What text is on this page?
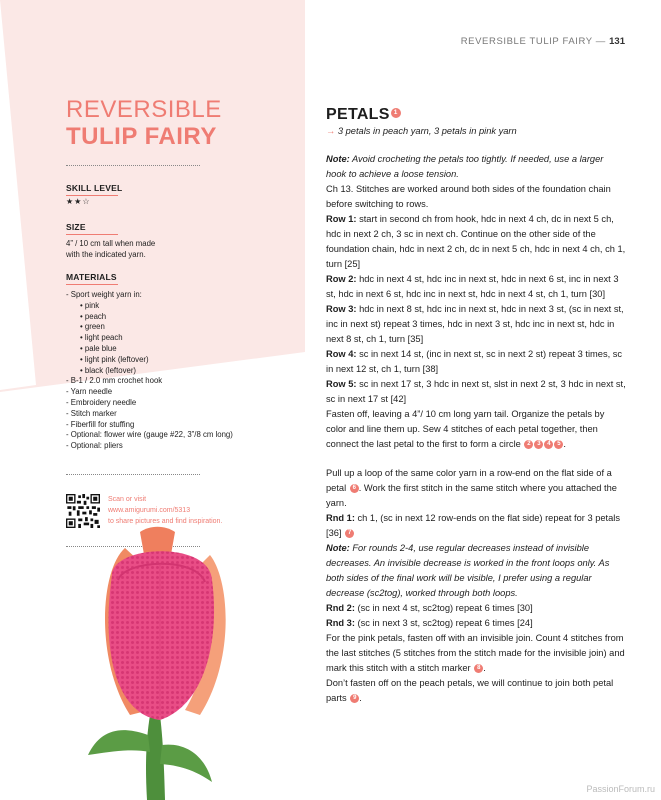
REVERSIBLE TULIP FAIRY — 131
REVERSIBLE
TULIP FAIRY
SKILL LEVEL
★★☆
SIZE
4” / 10 cm tall when made
with the indicated yarn.
MATERIALS
- Sport weight yarn in:
• pink
• peach
• green
• light peach
• pale blue
• light pink (leftover)
• black (leftover)
- B-1 / 2.0 mm crochet hook
- Yarn needle
- Embroidery needle
- Stitch marker
- Fiberfill for stuffing
- Optional: flower wire (gauge #22, 3”/8 cm long)
- Optional: pliers
Scan or visit
www.amigurumi.com/5313
to share pictures and find inspiration.
PETALS 1
→ 3 petals in peach yarn, 3 petals in pink yarn

Note: Avoid crocheting the petals too tightly. If needed, use a larger hook to achieve a loose tension.

Ch 13. Stitches are worked around both sides of the foundation chain before switching to rows.

Row 1: start in second ch from hook, hdc in next 4 ch, dc in next 5 ch, hdc in next 2 ch, 3 sc in next ch. Continue on the other side of the foundation chain, hdc in next 2 ch, dc in next 5 ch, hdc in next 4 ch, ch 1, turn [25]

Row 2: hdc in next 4 st, hdc inc in next st, hdc in next 6 st, inc in next 3 st, hdc in next 6 st, hdc inc in next st, hdc in next 4 st, ch 1, turn [30]

Row 3: hdc in next 8 st, hdc inc in next st, hdc in next 3 st, (sc in next st, inc in next st) repeat 3 times, hdc in next 3 st, hdc inc in next st, hdc in next 8 st, ch 1, turn [35]

Row 4: sc in next 14 st, (inc in next st, sc in next 2 st) repeat 3 times, sc in next 12 st, ch 1, turn [38]

Row 5: sc in next 17 st, 3 hdc in next st, slst in next 2 st, 3 hdc in next st, sc in next 17 st [42]

Fasten off, leaving a 4”/ 10 cm long yarn tail. Organize the petals by color and line them up. Sew 4 stitches of each petal together, then connect the last petal to the first to form a circle 2 3 4 5 .

Pull up a loop of the same color yarn in a row-end on the flat side of a petal 6 . Work the first stitch in the same stitch where you attached the yarn.

Rnd 1: ch 1, (sc in next 12 row-ends on the flat side) repeat for 3 petals [36] 7

Note: For rounds 2-4, use regular decreases instead of invisible decreases. An invisible decrease is worked in the front loops only. As both sides of the final work will be visible, I prefer using a regular decrease (sc2tog), worked through both loops.

Rnd 2: (sc in next 4 st, sc2tog) repeat 6 times [30]

Rnd 3: (sc in next 3 st, sc2tog) repeat 6 times [24]

For the pink petals, fasten off with an invisible join. Count 4 stitches from the last stitches (5 stitches from the stitch made for the invisible join) and mark this stitch with a stitch marker 8 .

Don’t fasten off on the peach petals, we will continue to join both petal parts 9 .

PassionForum.ru
